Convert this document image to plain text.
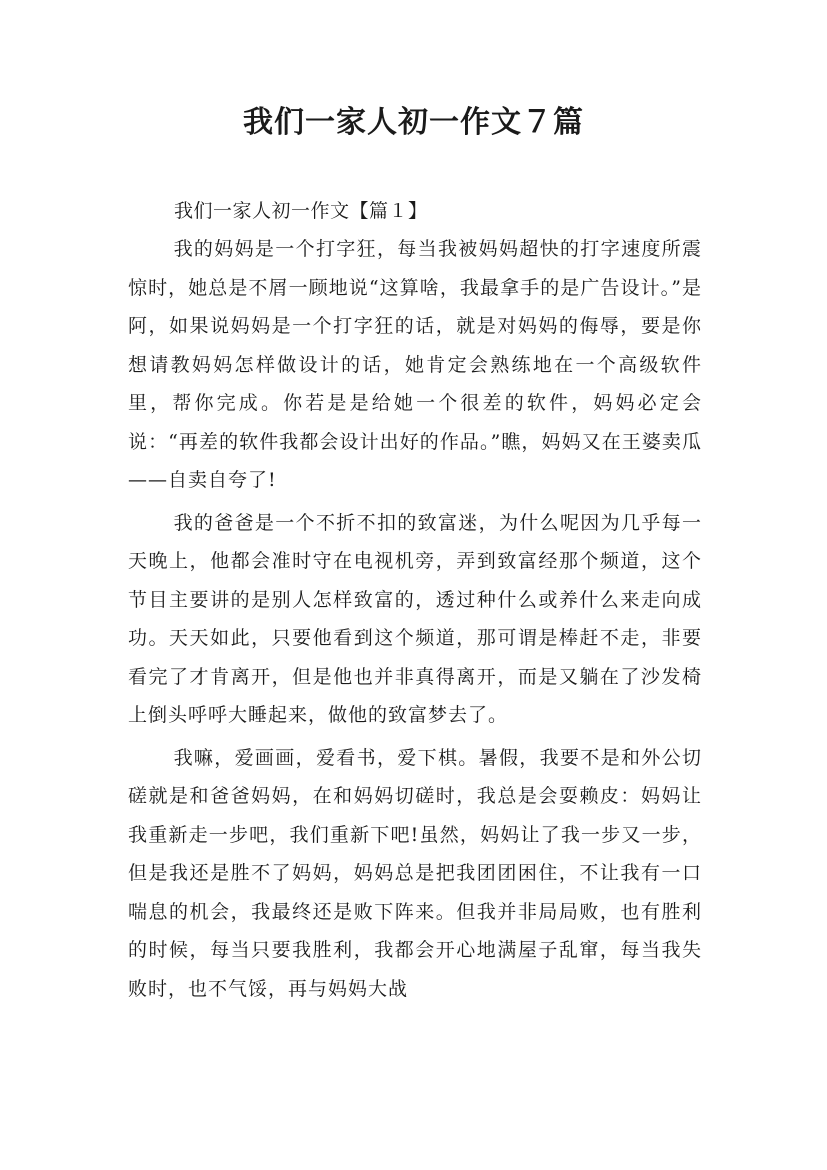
我们一家人初一作文７篇

我们一家人初一作文【篇１】

我的妈妈是一个打字狂，每当我被妈妈超快的打字速度所震惊时，她总是不屑一顾地说“这算啥，我最拿手的是广告设计。”是阿，如果说妈妈是一个打字狂的话，就是对妈妈的侮辱，要是你想请教妈妈怎样做设计的话，她肯定会熟练地在一个高级软件里，帮你完成。你若是是给她一个很差的软件，妈妈必定会说：“再差的软件我都会设计出好的作品。”瞧，妈妈又在王婆卖瓜——自卖自夸了!

我的爸爸是一个不折不扣的致富迷，为什么呢因为几乎每一天晚上，他都会准时守在电视机旁，弄到致富经那个频道，这个节目主要讲的是别人怎样致富的，透过种什么或养什么来走向成功。天天如此，只要他看到这个频道，那可谓是棒赶不走，非要看完了才肯离开，但是他也并非真得离开，而是又躺在了沙发椅上倒头呼呼大睡起来，做他的致富梦去了。

我嘛，爱画画，爱看书，爱下棋。暑假，我要不是和外公切磋就是和爸爸妈妈，在和妈妈切磋时，我总是会耍赖皮：妈妈让我重新走一步吧，我们重新下吧!虽然，妈妈让了我一步又一步，但是我还是胜不了妈妈，妈妈总是把我团团困住，不让我有一口喘息的机会，我最终还是败下阵来。但我并非局局败，也有胜利的时候，每当只要我胜利，我都会开心地满屋子乱窜，每当我失败时，也不气馁，再与妈妈大战
